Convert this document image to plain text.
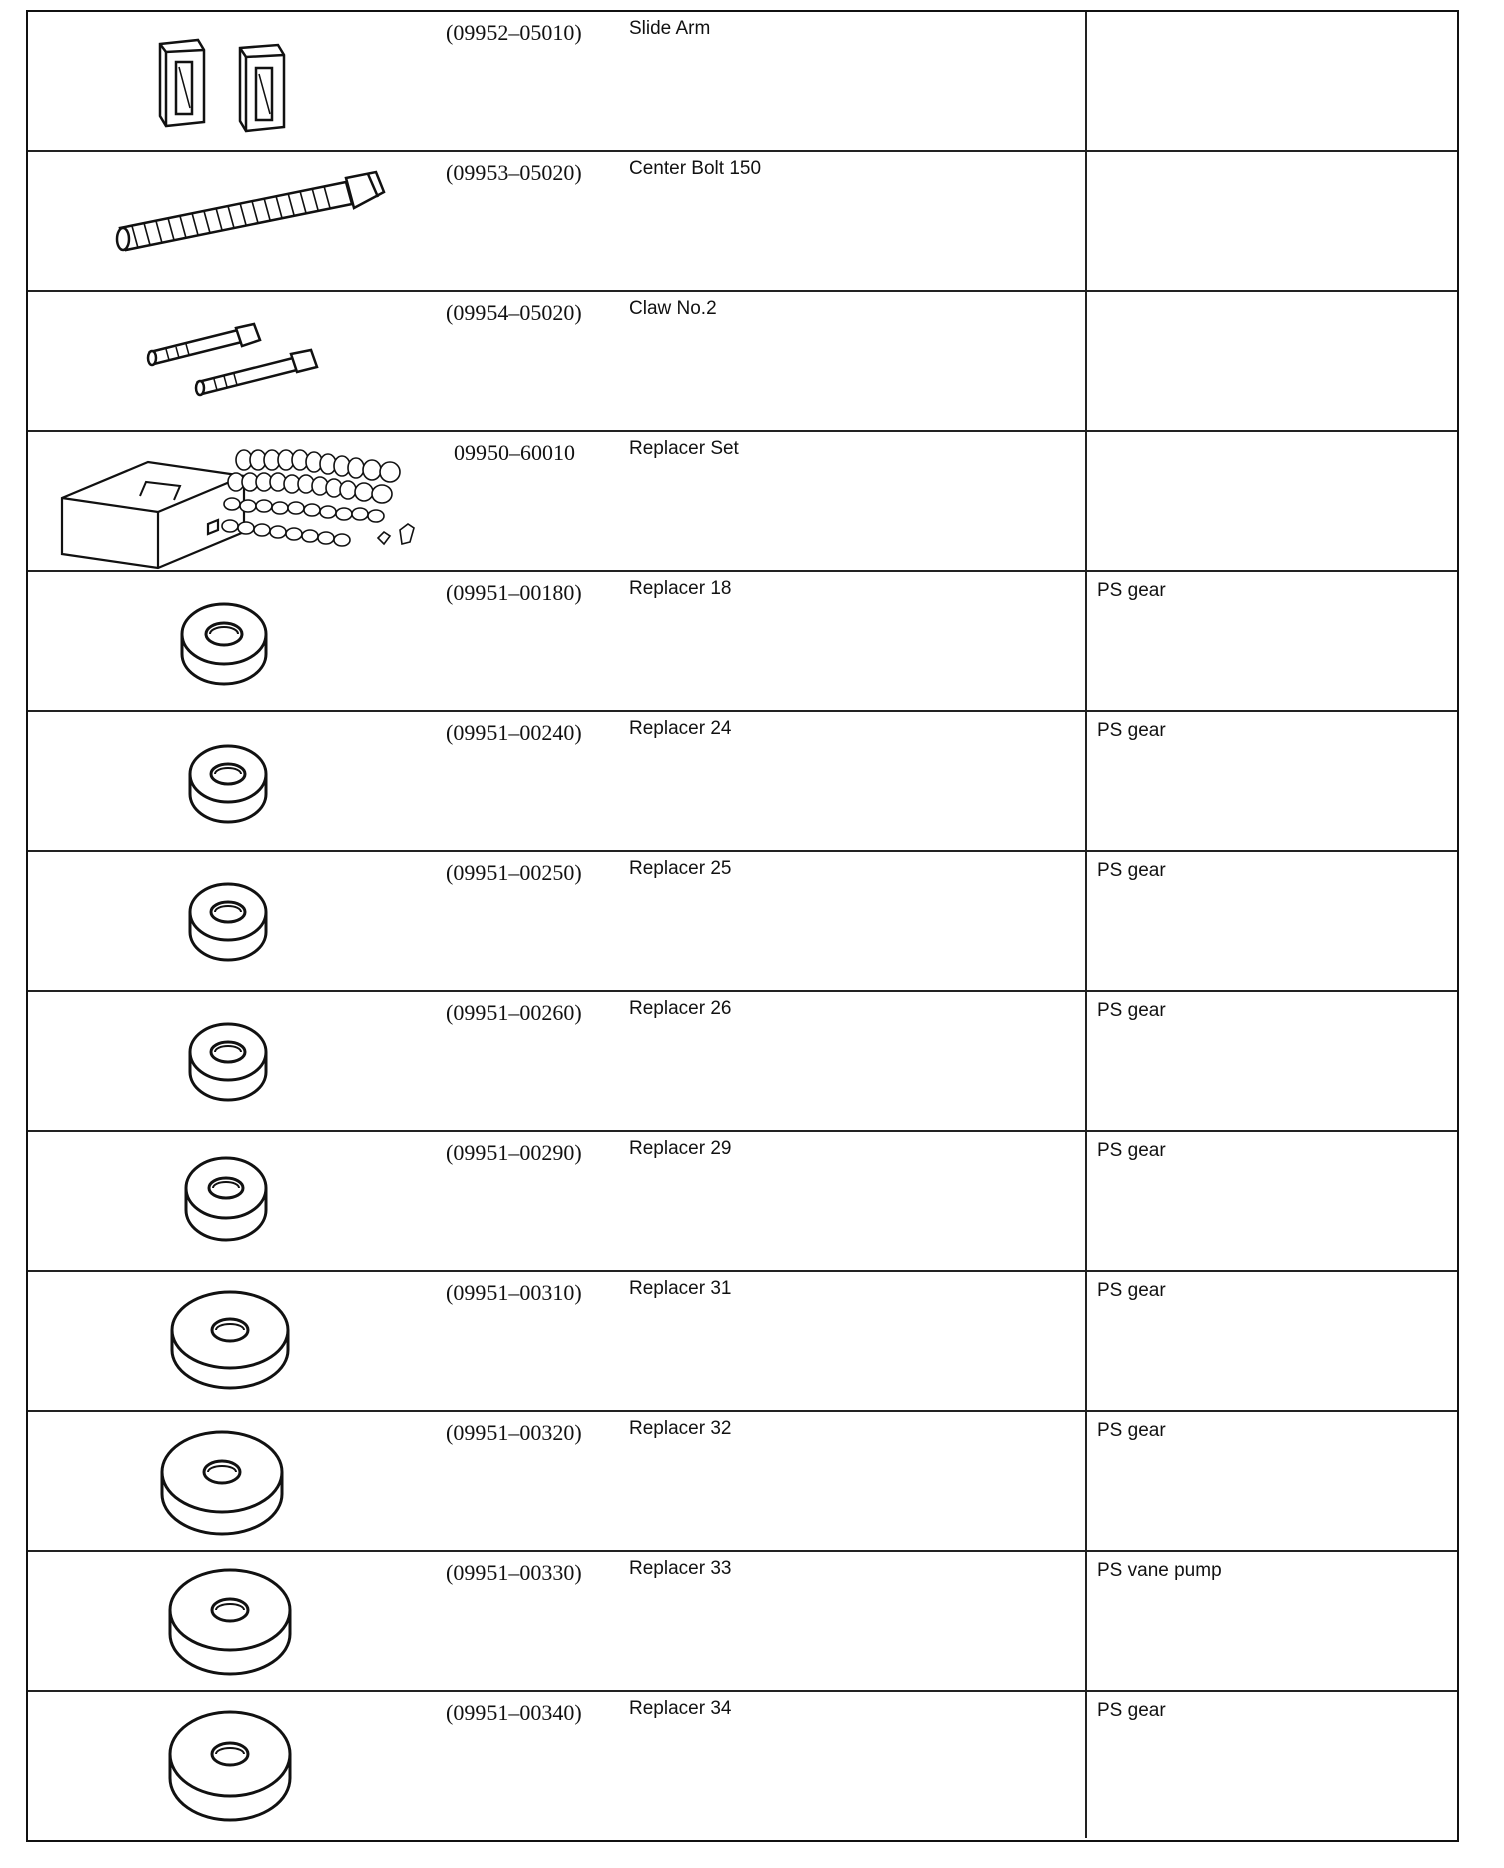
(09952–05010) Slide Arm
(09953–05020) Center Bolt 150
(09954–05020) Claw No.2
09950–60010	Replacer Set
(09951–00180) Replacer 18	PS gear
(09951–00240) Replacer 24	PS gear
(09951–00250) Replacer 25	PS gear
(09951–00260) Replacer 26	PS gear
(09951–00290) Replacer 29	PS gear
(09951–00310) Replacer 31	PS gear
(09951–00320) Replacer 32	PS gear
(09951–00330) Replacer 33	PS vane pump
(09951–00340) Replacer 34	PS gear
